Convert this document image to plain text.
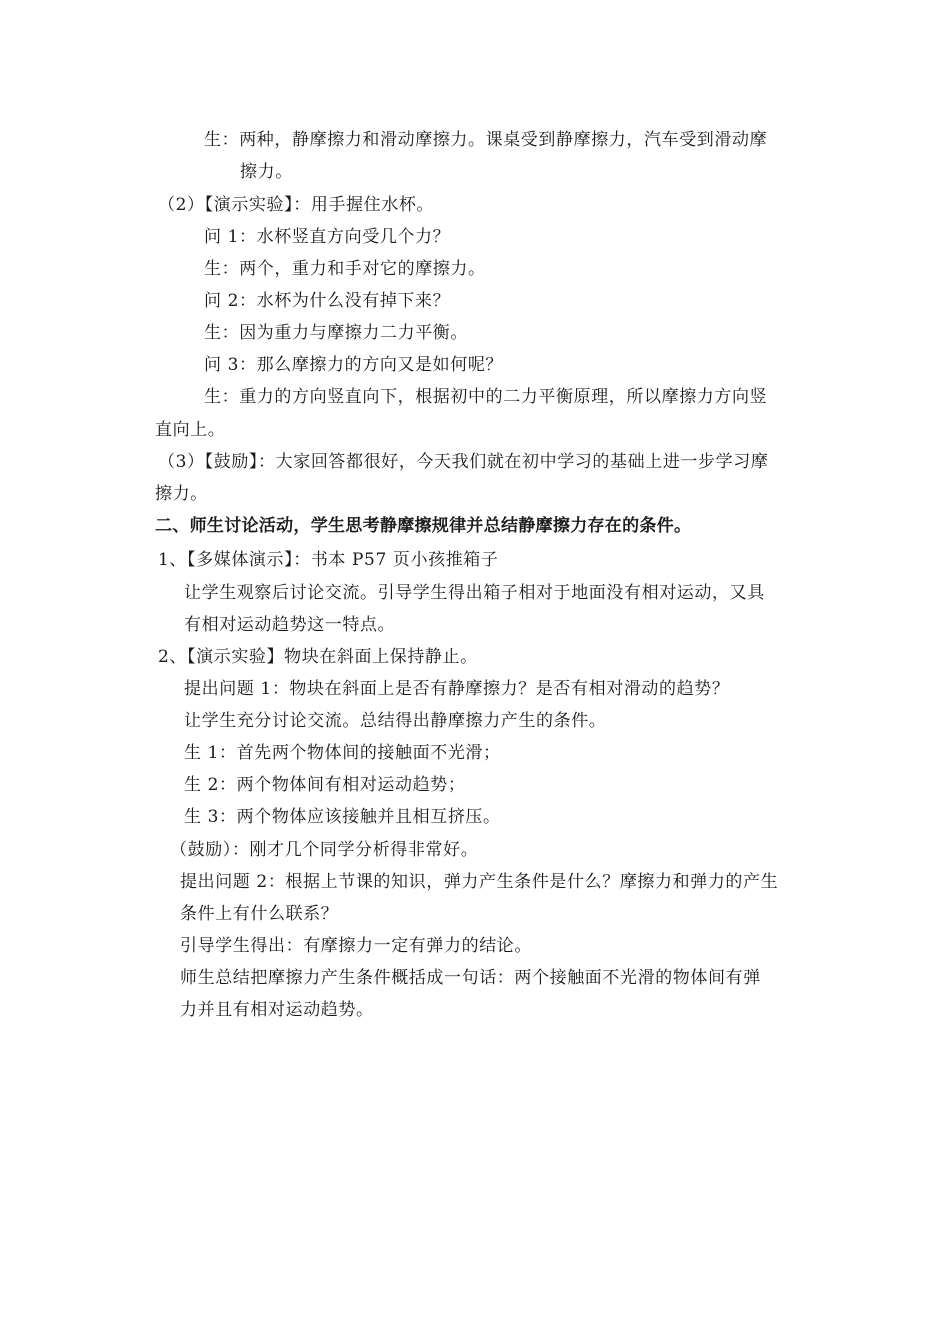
生：两种，静摩擦力和滑动摩擦力。课桌受到静摩擦力，汽车受到滑动摩

擦力。

（2）【演示实验】：用手握住水杯。

问 1：水杯竖直方向受几个力？

生：两个，重力和手对它的摩擦力。

问 2：水杯为什么没有掉下来？

生：因为重力与摩擦力二力平衡。

问 3：那么摩擦力的方向又是如何呢？

生：重力的方向竖直向下，根据初中的二力平衡原理，所以摩擦力方向竖

直向上。

（3）【鼓励】：大家回答都很好，今天我们就在初中学习的基础上进一步学习摩

擦力。

二、师生讨论活动，学生思考静摩擦规律并总结静摩擦力存在的条件。

1、【多媒体演示】：书本 P57 页小孩推箱子

让学生观察后讨论交流。引导学生得出箱子相对于地面没有相对运动，又具

有相对运动趋势这一特点。

2、【演示实验】物块在斜面上保持静止。

提出问题 1：物块在斜面上是否有静摩擦力？是否有相对滑动的趋势？

让学生充分讨论交流。总结得出静摩擦力产生的条件。

生 1：首先两个物体间的接触面不光滑；

生 2：两个物体间有相对运动趋势；

生 3：两个物体应该接触并且相互挤压。

（鼓励）：刚才几个同学分析得非常好。

提出问题 2：根据上节课的知识，弹力产生条件是什么？摩擦力和弹力的产生

条件上有什么联系？

引导学生得出：有摩擦力一定有弹力的结论。

师生总结把摩擦力产生条件概括成一句话：两个接触面不光滑的物体间有弹

力并且有相对运动趋势。
